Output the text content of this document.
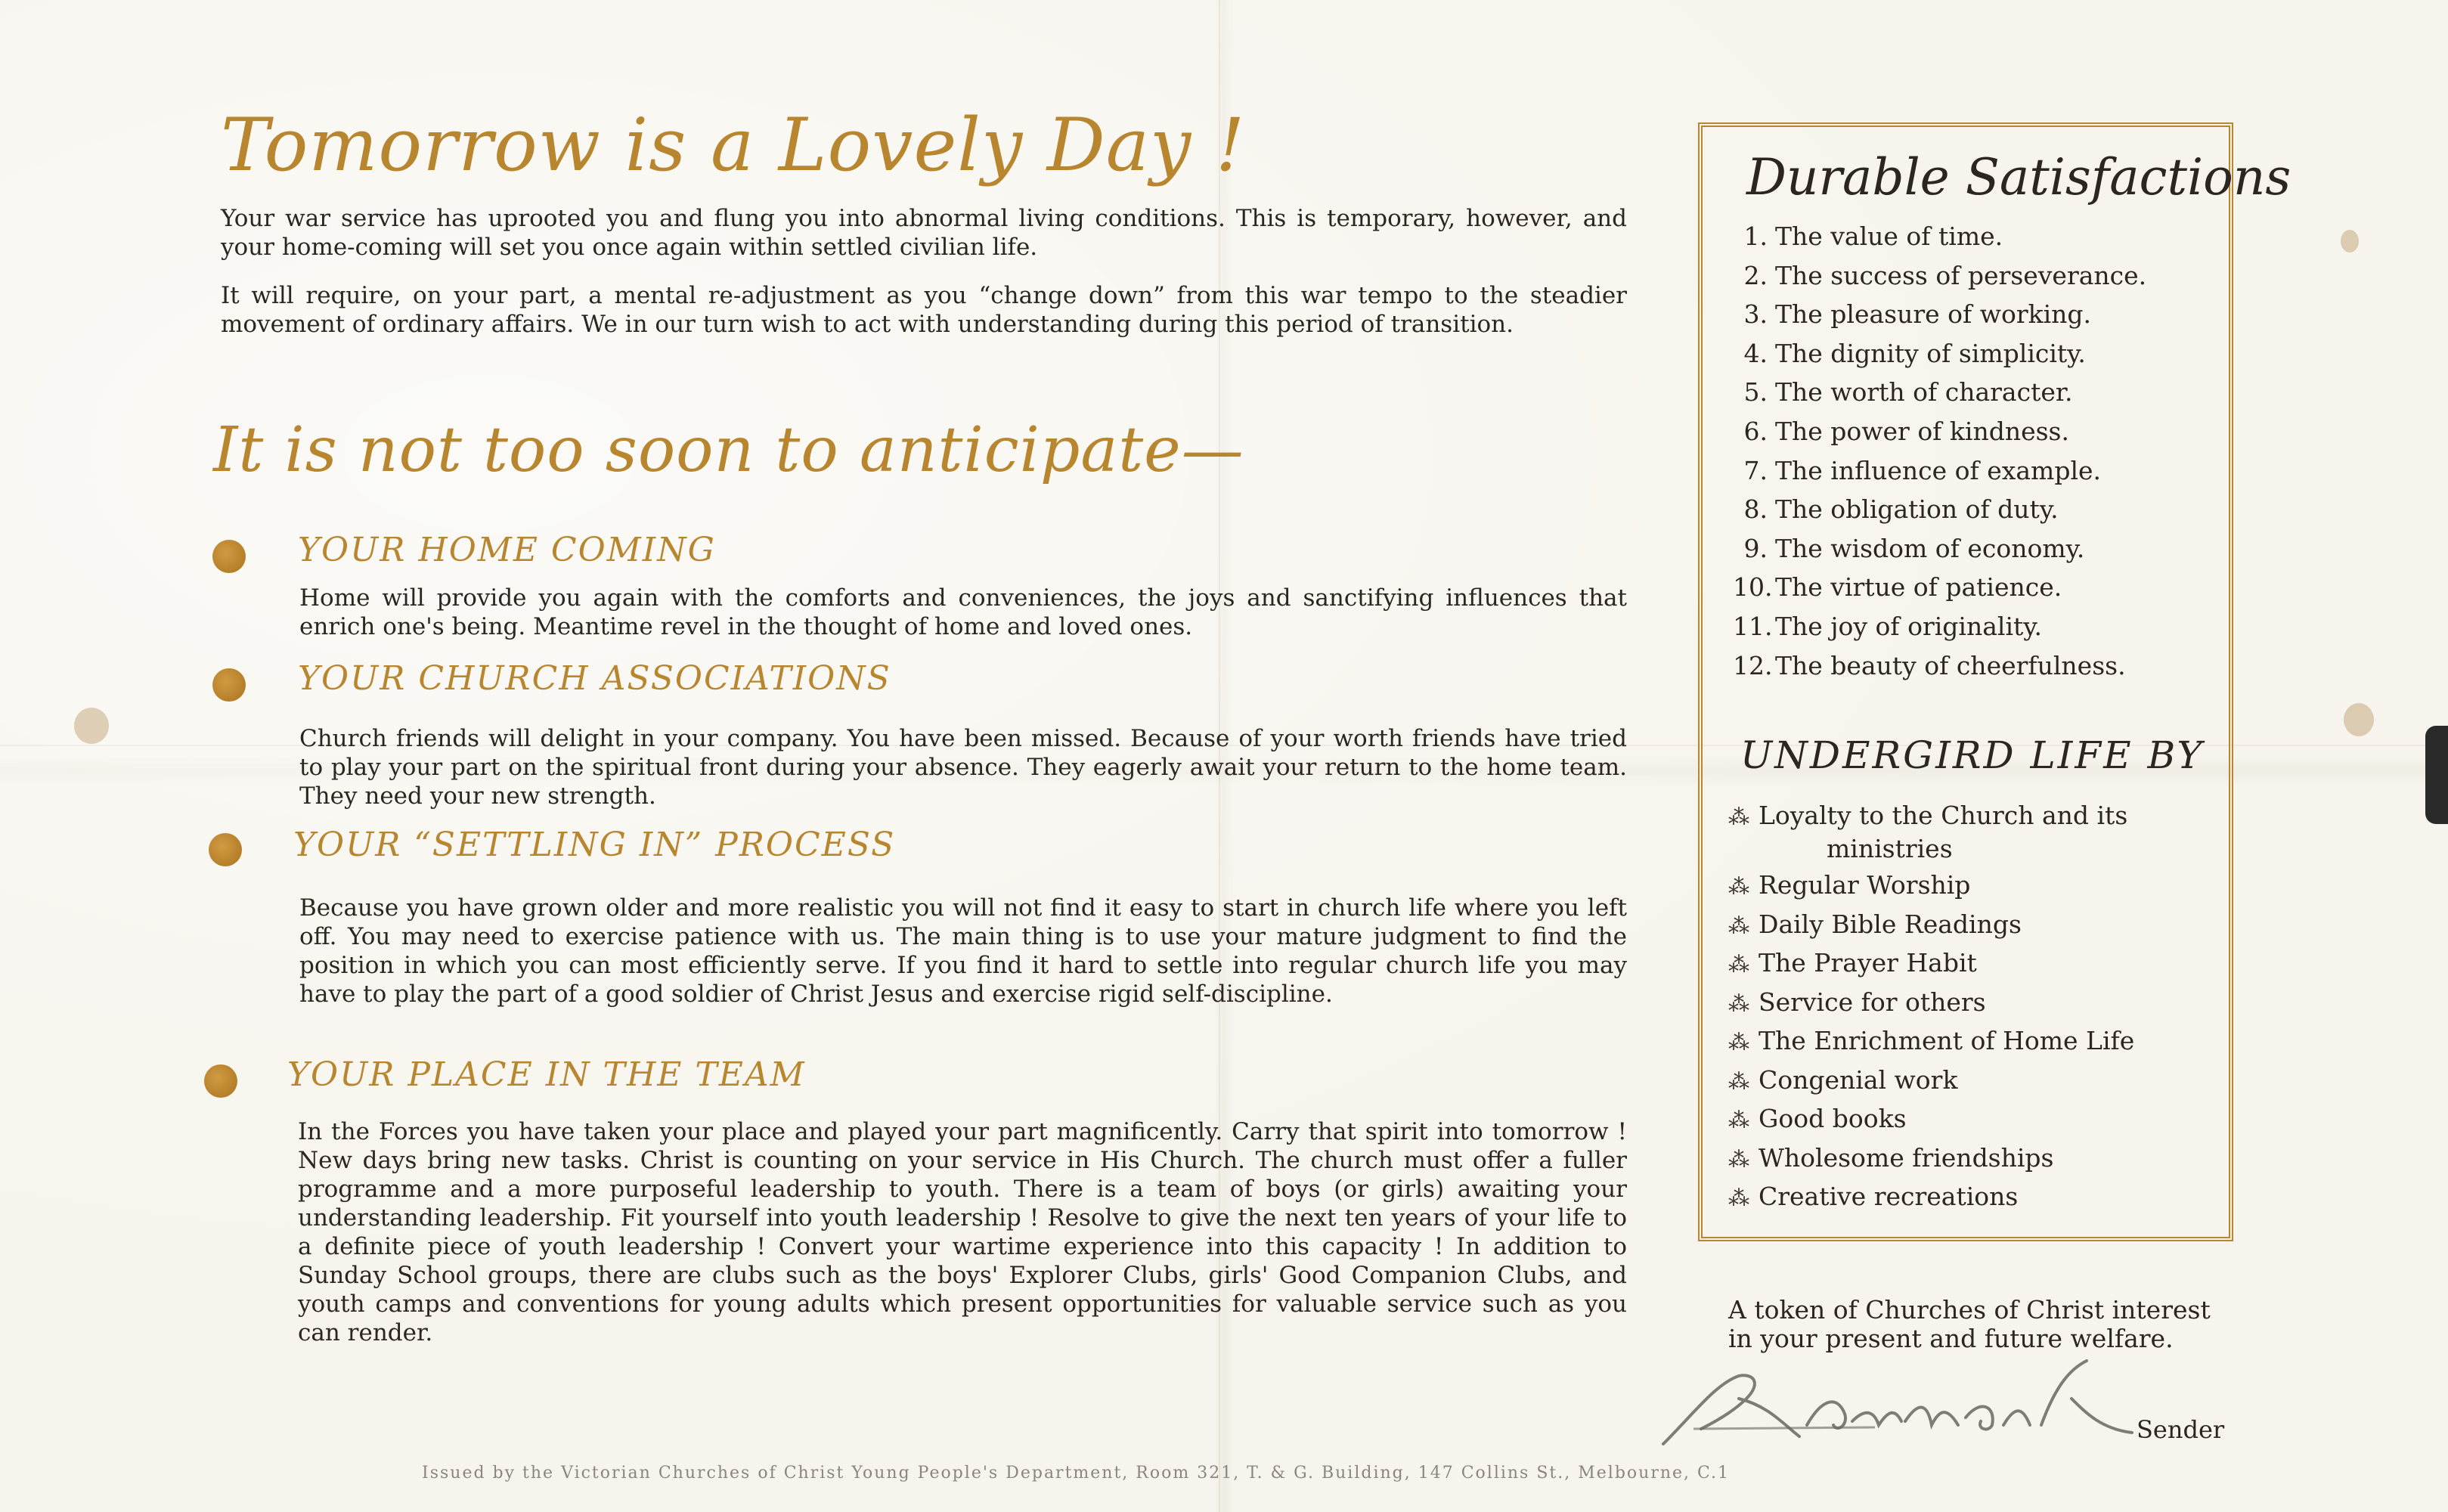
Tomorrow is a Lovely Day !
Your war service has uprooted you and flung you into abnormal living conditions. This is temporary, however, and your home-coming will set you once again within settled civilian life.
It will require, on your part, a mental re-adjustment as you “change down” from this war tempo to the steadier movement of ordinary affairs. We in our turn wish to act with understanding during this period of transition.
It is not too soon to anticipate—
YOUR HOME COMING
Home will provide you again with the comforts and conveniences, the joys and sanctifying influences that enrich one's being. Meantime revel in the thought of home and loved ones.
YOUR CHURCH ASSOCIATIONS
Church friends will delight in your company. You have been missed. Because of your worth friends have tried to play your part on the spiritual front during your absence. They eagerly await your return to the home team. They need your new strength.
YOUR “SETTLING IN” PROCESS
Because you have grown older and more realistic you will not find it easy to start in church life where you left off. You may need to exercise patience with us. The main thing is to use your mature judgment to find the position in which you can most efficiently serve. If you find it hard to settle into regular church life you may have to play the part of a good soldier of Christ Jesus and exercise rigid self-discipline.
YOUR PLACE IN THE TEAM
In the Forces you have taken your place and played your part magnificently. Carry that spirit into tomorrow ! New days bring new tasks. Christ is counting on your service in His Church. The church must offer a fuller programme and a more purposeful leadership to youth. There is a team of boys (or girls) awaiting your understanding leadership. Fit yourself into youth leadership ! Resolve to give the next ten years of your life to a definite piece of youth leadership ! Convert your wartime experience into this capacity ! In addition to Sunday School groups, there are clubs such as the boys' Explorer Clubs, girls' Good Companion Clubs, and youth camps and conventions for young adults which present opportunities for valuable service such as you can render.
Durable Satisfactions
1. The value of time.
2. The success of perseverance.
3. The pleasure of working.
4. The dignity of simplicity.
5. The worth of character.
6. The power of kindness.
7. The influence of example.
8. The obligation of duty.
9. The wisdom of economy.
10. The virtue of patience.
11. The joy of originality.
12. The beauty of cheerfulness.
UNDERGIRD LIFE BY
⁂ Loyalty to the Church and its
ministries
⁂ Regular Worship
⁂ Daily Bible Readings
⁂ The Prayer Habit
⁂ Service for others
⁂ The Enrichment of Home Life
⁂ Congenial work
⁂ Good books
⁂ Wholesome friendships
⁂ Creative recreations
A token of Churches of Christ interest in your present and future welfare.
Sender
Issued by the Victorian Churches of Christ Young People's Department, Room 321, T. & G. Building, 147 Collins St., Melbourne, C.1
